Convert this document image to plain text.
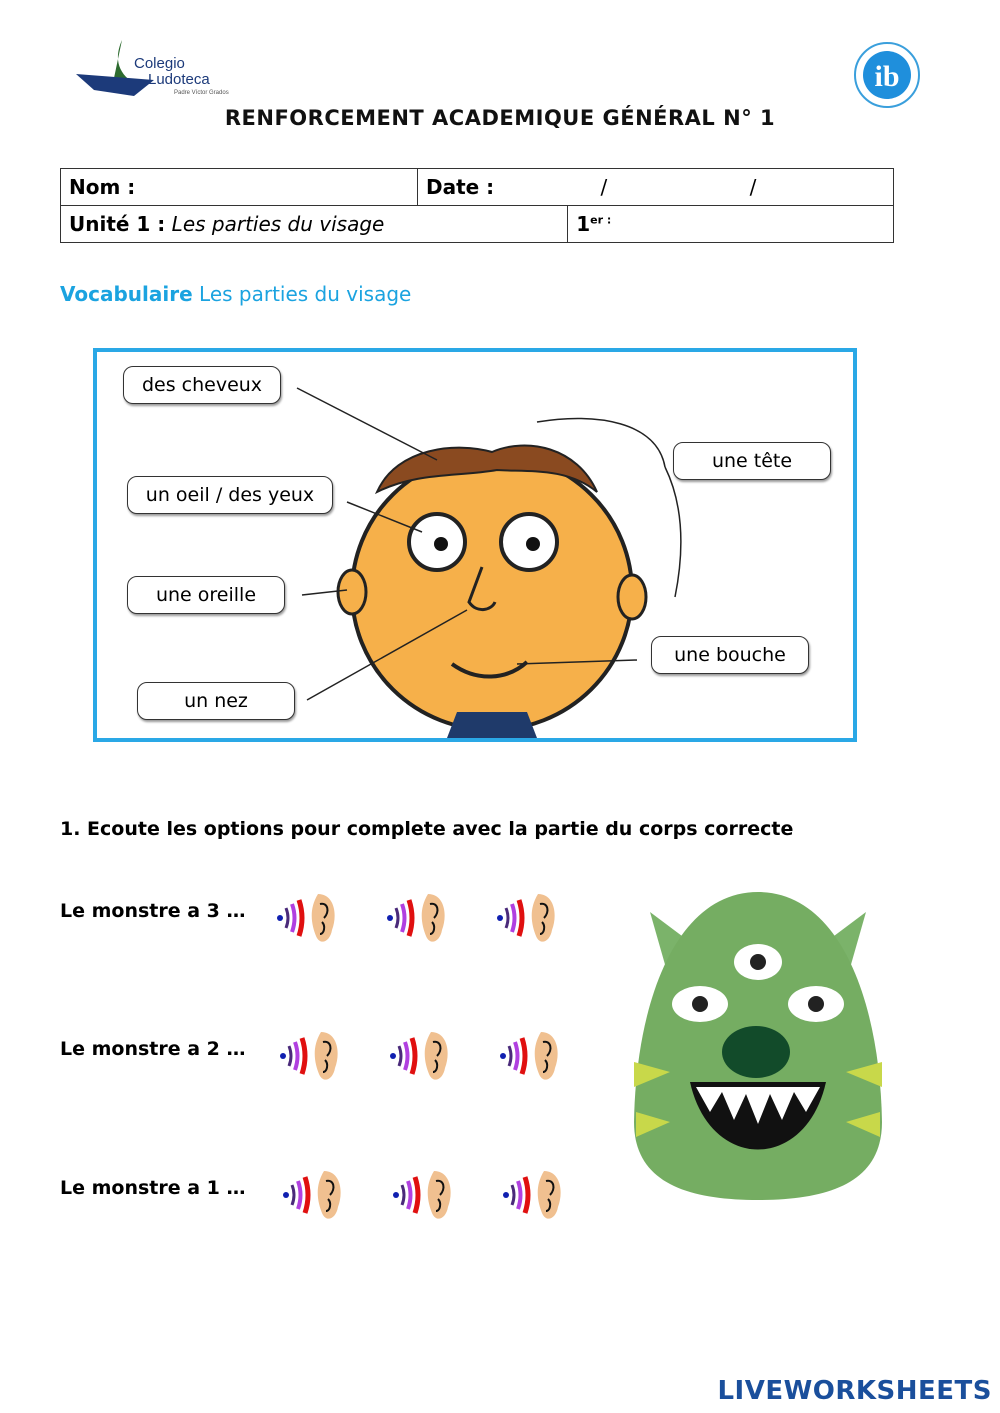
Colegio
Ludoteca
Padre Víctor Grados	ib
RENFORCEMENT ACADEMIQUE GÉNÉRAL N° 1
Nom :	Date : / /	
Unité 1 : Les parties du visage		$1^{er :}$
Vocabulaire Les parties du visage
des cheveux
un oeil / des yeux
une oreille
un nez
une tête
une bouche
1. Ecoute les options pour complete avec la partie du corps correcte
Le monstre a 3 …
Le monstre a 2 …
Le monstre a 1 …
LIVEWORKSHEETS
